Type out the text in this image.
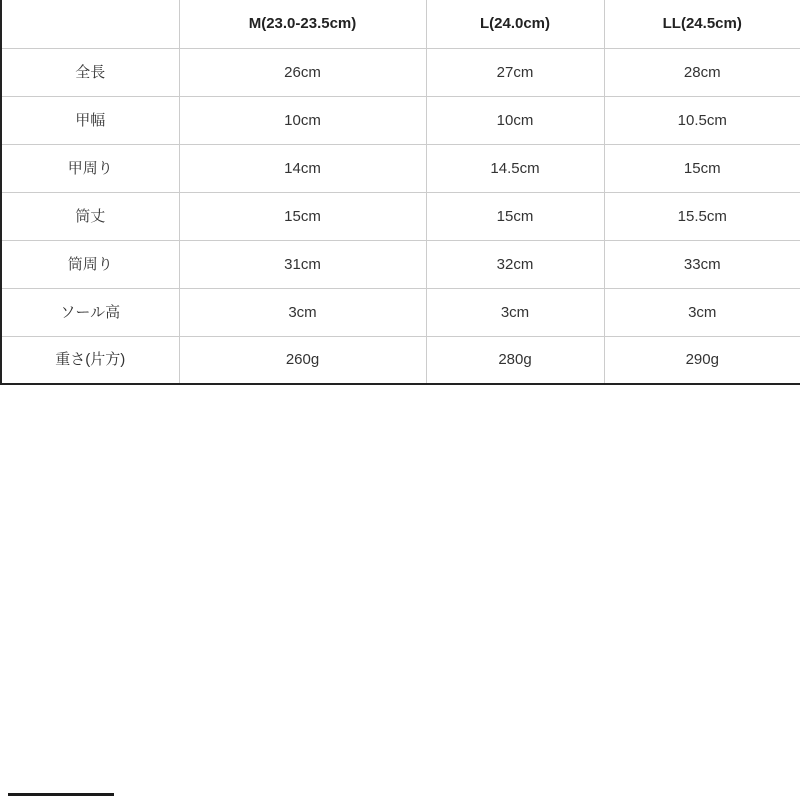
	M(23.0-23.5cm)	L(24.0cm)	LL(24.5cm)
全長	26cm	27cm	28cm
甲幅	10cm	10cm	10.5cm
甲周り	14cm	14.5cm	15cm
筒丈	15cm	15cm	15.5cm
筒周り	31cm	32cm	33cm
ソール高	3cm	3cm	3cm
重さ(片方)	260g	280g	290g
